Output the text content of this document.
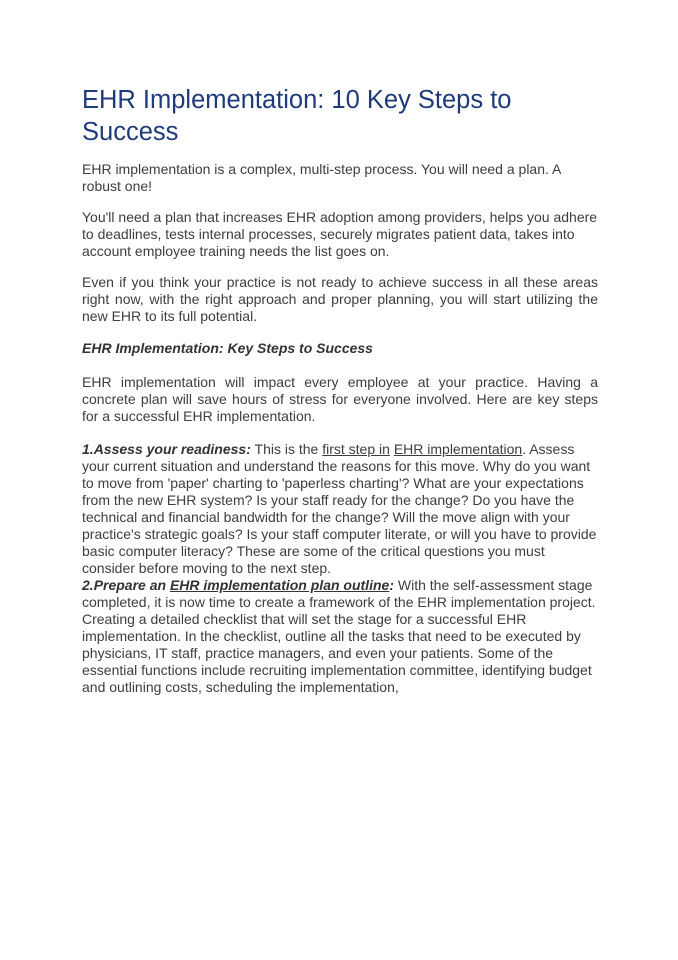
EHR Implementation: 10 Key Steps to Success

EHR implementation is a complex, multi-step process. You will need a plan. A robust one!

You'll need a plan that increases EHR adoption among providers, helps you adhere to deadlines, tests internal processes, securely migrates patient data, takes into account employee training needs the list goes on.

Even if you think your practice is not ready to achieve success in all these areas right now, with the right approach and proper planning, you will start utilizing the new EHR to its full potential.

EHR Implementation: Key Steps to Success

EHR implementation will impact every employee at your practice. Having a concrete plan will save hours of stress for everyone involved. Here are key steps for a successful EHR implementation.

1.Assess your readiness: This is the first step in EHR implementation. Assess your current situation and understand the reasons for this move. Why do you want to move from 'paper' charting to 'paperless charting'? What are your expectations from the new EHR system? Is your staff ready for the change? Do you have the technical and financial bandwidth for the change? Will the move align with your practice's strategic goals? Is your staff computer literate, or will you have to provide basic computer literacy? These are some of the critical questions you must consider before moving to the next step.
2.Prepare an EHR implementation plan outline: With the self-assessment stage completed, it is now time to create a framework of the EHR implementation project. Creating a detailed checklist that will set the stage for a successful EHR implementation. In the checklist, outline all the tasks that need to be executed by physicians, IT staff, practice managers, and even your patients. Some of the essential functions include recruiting implementation committee, identifying budget and outlining costs, scheduling the implementation,
